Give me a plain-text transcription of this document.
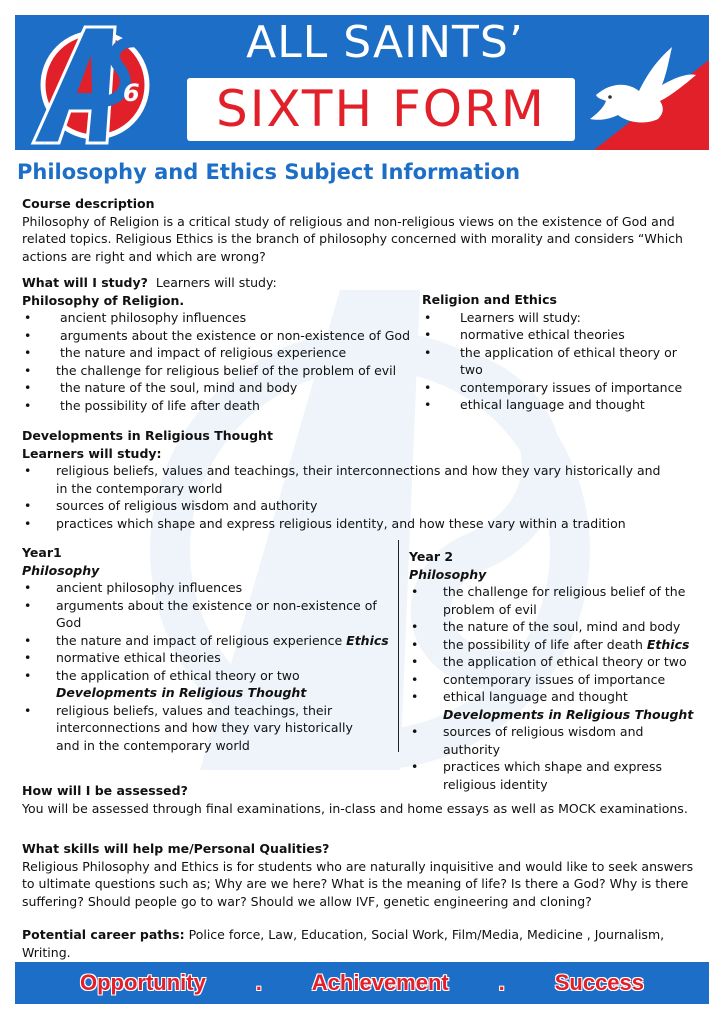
6
ALL SAINTS’
SIXTH FORM
Philosophy and Ethics Subject Information
Course description
Philosophy of Religion is a critical study of religious and non-religious views on the existence of God and related topics. Religious Ethics is the branch of philosophy concerned with morality and considers “Which actions are right and which are wrong?
What will I study? Learners will study:
Philosophy of Religion.
• ancient philosophy influences
• arguments about the existence or non-existence of God
• the nature and impact of religious experience
• the challenge for religious belief of the problem of evil
• the nature of the soul, mind and body
• the possibility of life after death
Religion and Ethics
• Learners will study:
• normative ethical theories
• the application of ethical theory or two
• contemporary issues of importance
• ethical language and thought
Developments in Religious Thought
Learners will study:
• religious beliefs, values and teachings, their interconnections and how they vary historically and in the contemporary world
• sources of religious wisdom and authority
• practices which shape and express religious identity, and how these vary within a tradition
Year1
Philosophy
• ancient philosophy influences
• arguments about the existence or non-existence of God
• the nature and impact of religious experience Ethics
• normative ethical theories
• the application of ethical theory or two Developments in Religious Thought
• religious beliefs, values and teachings, their interconnections and how they vary historically and in the contemporary world
Year 2
Philosophy
• the challenge for religious belief of the problem of evil
• the nature of the soul, mind and body
• the possibility of life after death Ethics
• the application of ethical theory or two
• contemporary issues of importance
• ethical language and thought Developments in Religious Thought
• sources of religious wisdom and authority
• practices which shape and express religious identity
How will I be assessed?
You will be assessed through final examinations, in-class and home essays as well as MOCK examinations.
What skills will help me/Personal Qualities?
Religious Philosophy and Ethics is for students who are naturally inquisitive and would like to seek answers to ultimate questions such as; Why are we here? What is the meaning of life? Is there a God? Why is there suffering? Should people go to war? Should we allow IVF, genetic engineering and cloning?
Potential career paths: Police force, Law, Education, Social Work, Film/Media, Medicine , Journalism, Writing.
Opportunity . Achievement . Success
